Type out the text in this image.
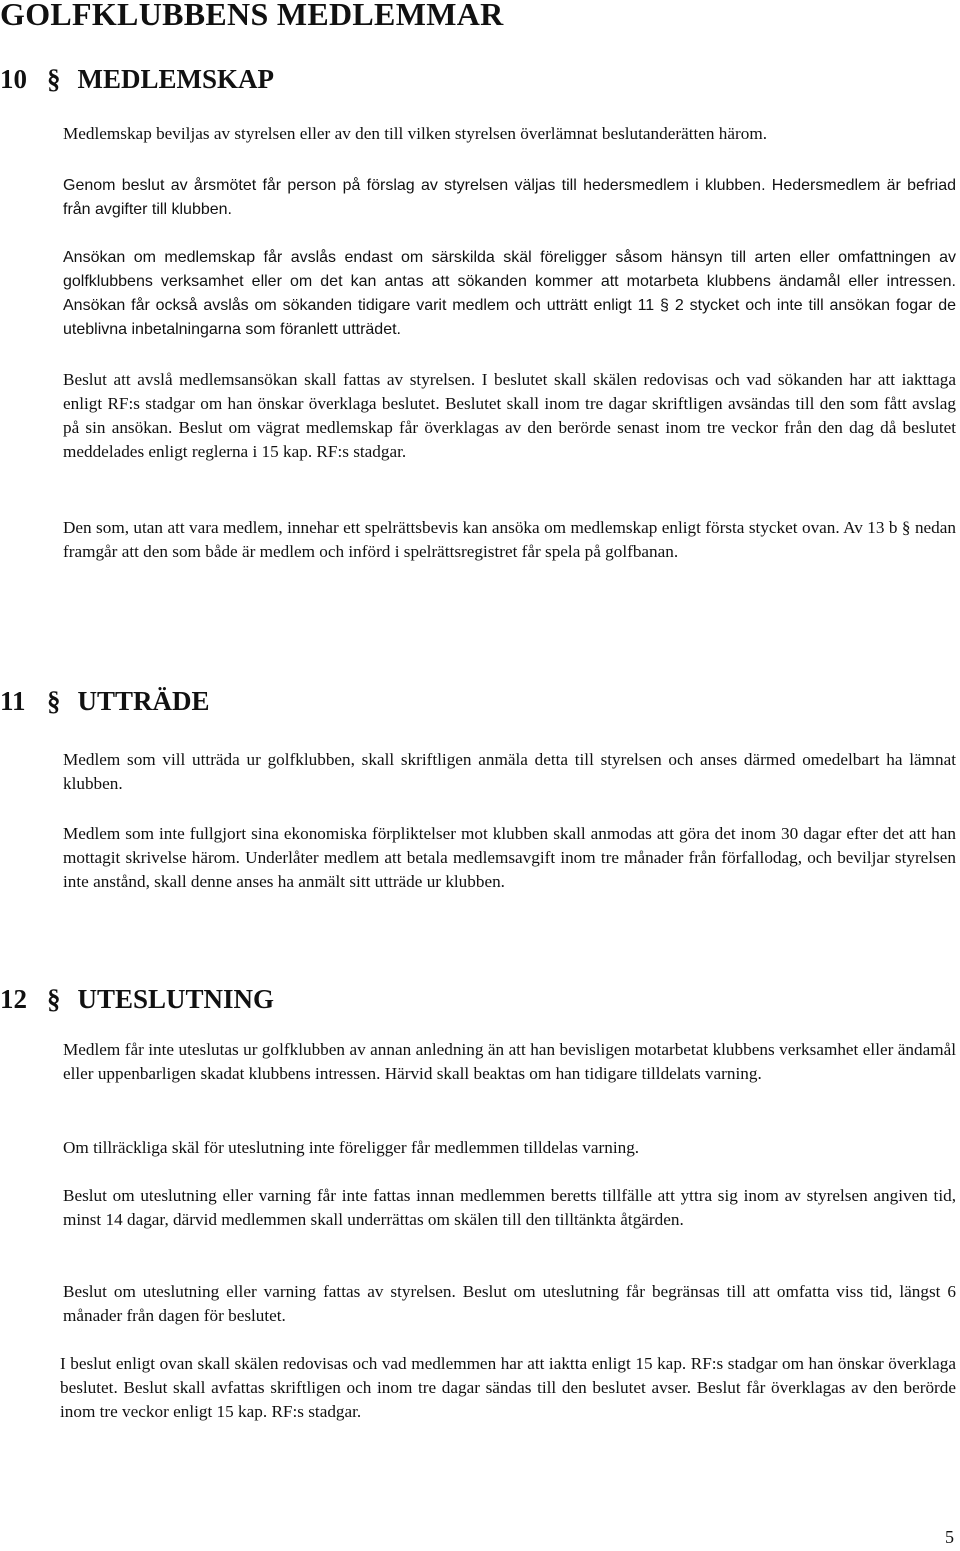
GOLFKLUBBENS MEDLEMMAR
10 § MEDLEMSKAP

Medlemskap beviljas av styrelsen eller av den till vilken styrelsen överlämnat beslutanderätten härom.

Genom beslut av årsmötet får person på förslag av styrelsen väljas till hedersmedlem i klubben. Hedersmedlem är befriad från avgifter till klubben.

Ansökan om medlemskap får avslås endast om särskilda skäl föreligger såsom hänsyn till arten eller omfattningen av golfklubbens verksamhet eller om det kan antas att sökanden kommer att motarbeta klubbens ändamål eller intressen. Ansökan får också avslås om sökanden tidigare varit medlem och utträtt enligt 11 § 2 stycket och inte till ansökan fogar de uteblivna inbetalningarna som föranlett utträdet.

Beslut att avslå medlemsansökan skall fattas av styrelsen. I beslutet skall skälen redovisas och vad sökanden har att iakttaga enligt RF:s stadgar om han önskar överklaga beslutet. Beslutet skall inom tre dagar skriftligen avsändas till den som fått avslag på sin ansökan. Beslut om vägrat medlemskap får överklagas av den berörde senast inom tre veckor från den dag då beslutet meddelades enligt reglerna i 15 kap. RF:s stadgar.

Den som, utan att vara medlem, innehar ett spelrättsbevis kan ansöka om medlemskap enligt första stycket ovan. Av 13 b § nedan framgår att den som både är medlem och införd i spelrättsregistret får spela på golfbanan.

11 § UTTRÄDE

Medlem som vill utträda ur golfklubben, skall skriftligen anmäla detta till styrelsen och anses därmed omedelbart ha lämnat klubben.

Medlem som inte fullgjort sina ekonomiska förpliktelser mot klubben skall anmodas att göra det inom 30 dagar efter det att han mottagit skrivelse härom. Underlåter medlem att betala medlemsavgift inom tre månader från förfallodag, och beviljar styrelsen inte anstånd, skall denne anses ha anmält sitt utträde ur klubben.

12 § UTESLUTNING

Medlem får inte uteslutas ur golfklubben av annan anledning än att han bevisligen motarbetat klubbens verksamhet eller ändamål eller uppenbarligen skadat klubbens intressen. Härvid skall beaktas om han tidigare tilldelats varning.

Om tillräckliga skäl för uteslutning inte föreligger får medlemmen tilldelas varning.

Beslut om uteslutning eller varning får inte fattas innan medlemmen beretts tillfälle att yttra sig inom av styrelsen angiven tid, minst 14 dagar, därvid medlemmen skall underrättas om skälen till den tilltänkta åtgärden.

Beslut om uteslutning eller varning fattas av styrelsen. Beslut om uteslutning får begränsas till att omfatta viss tid, längst 6 månader från dagen för beslutet.

I beslut enligt ovan skall skälen redovisas och vad medlemmen har att iaktta enligt 15 kap. RF:s stadgar om han önskar överklaga beslutet. Beslut skall avfattas skriftligen och inom tre dagar sändas till den beslutet avser. Beslut får överklagas av den berörde inom tre veckor enligt 15 kap. RF:s stadgar.

5
